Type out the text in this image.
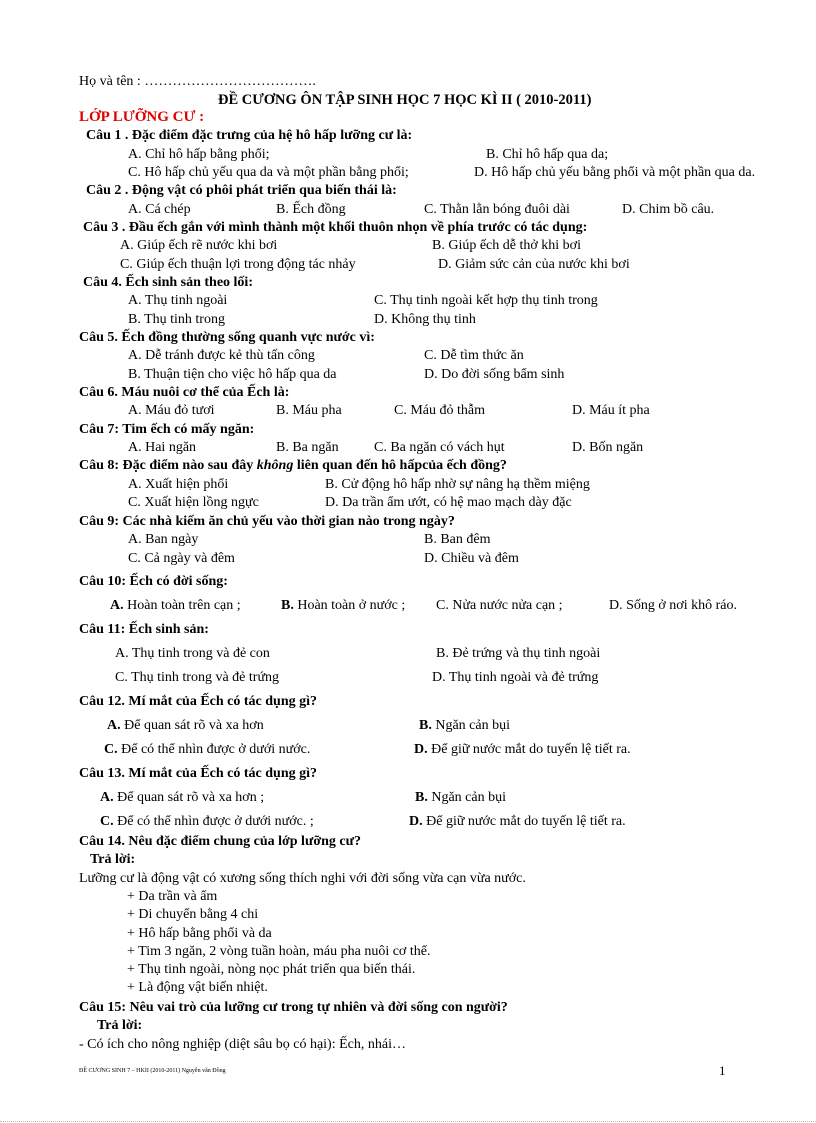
Họ và tên : ……………………………….
ĐỀ CƯƠNG ÔN TẬP SINH HỌC 7 HỌC KÌ II ( 2010-2011)
LỚP LƯỠNG CƯ :
Câu 1 . Đặc điểm đặc trưng của hệ hô hấp lưỡng cư là:
A. Chỉ hô hấp bằng phổi;	B. Chỉ hô hấp qua da;
C. Hô hấp chủ yếu qua da và một phần bằng phổi;	D. Hô hấp chủ yếu bằng phổi và một phần qua da.
Câu 2 . Động vật có phôi phát triển qua biến thái là:
A. Cá chép	B. Ếch đồng	C. Thằn lằn bóng đuôi dài	D. Chim bồ câu.
Câu 3 . Đầu ếch gắn với mình thành một khối thuôn nhọn về phía trước có tác dụng:
A. Giúp ếch rẽ nước khi bơi	B. Giúp ếch dễ thở khi bơi
C. Giúp ếch thuận lợi trong động tác nhảy	D. Giảm sức cản của nước khi bơi
Câu 4. Ếch sinh sản theo lối:
A. Thụ tinh ngoài	C. Thụ tinh ngoài kết hợp thụ tinh trong
B. Thụ tinh trong	D. Không thụ tinh
Câu 5. Ếch đồng thường sống quanh vực nước vì:
A. Dễ tránh được kẻ thù tấn công	C. Dễ tìm thức ăn
B. Thuận tiện cho việc hô hấp qua da	D. Do đời sống bẩm sinh
Câu 6. Máu nuôi cơ thể của Ếch là:
A. Máu đỏ tươi	B. Máu pha	C. Máu đỏ thẫm	D. Máu ít pha
Câu 7: Tim ếch có mấy ngăn:
A. Hai ngăn	B. Ba ngăn	C. Ba ngăn có vách hụt	D. Bốn ngăn
Câu 8: Đặc điểm nào sau đây không liên quan đến hô hấpcủa ếch đồng?
A. Xuất hiện phổi	B. Cử động hô hấp nhờ sự nâng hạ thềm miệng
C. Xuất hiện lồng ngực	D. Da trần ẩm ướt, có hệ mao mạch dày đặc
Câu 9: Các nhà kiếm ăn chủ yếu vào thời gian nào trong ngày?
A. Ban ngày	B. Ban đêm
C. Cả ngày và đêm	D. Chiều và đêm
Câu 10: Ếch có đời sống:
A. Hoàn toàn trên cạn ;	B. Hoàn toàn ở nước ; C. Nửa nước nửa cạn ;	D. Sống ở nơi khô ráo.
Câu 11: Ếch sinh sản:
A. Thụ tinh trong và đẻ con	B. Đẻ trứng và thụ tinh ngoài
C. Thụ tinh trong và đẻ trứng	D. Thụ tinh ngoài và đẻ trứng
Câu 12. Mí mắt của Ếch có tác dụng gì?
A. Để quan sát rõ và xa hơn	B. Ngăn cản bụi
C. Để có thể nhìn được ở dưới nước.	D. Để giữ nước mắt do tuyến lệ tiết ra.
Câu 13. Mí mắt của Ếch có tác dụng gì?
A. Để quan sát rõ và xa hơn ;	B. Ngăn cản bụi
C. Để có thể nhìn được ở dưới nước. ;	D. Để giữ nước mắt do tuyến lệ tiết ra.
Câu 14. Nêu đặc điểm chung của lớp lưỡng cư?
Trả lời:
Lưỡng cư là động vật có xương sống thích nghi với đời sống vừa cạn vừa nước.
+ Da trần và ẩm
+ Di chuyển bằng 4 chi
+ Hô hấp bằng phổi và da
+ Tim 3 ngăn, 2 vòng tuần hoàn, máu pha nuôi cơ thể.
+ Thụ tinh ngoài, nòng nọc phát triển qua biến thái.
+ Là động vật biến nhiệt.
Câu 15: Nêu vai trò của lưỡng cư trong tự nhiên và đời sống con người?
Trả lời:
- Có ích cho nông nghiệp (diệt sâu bọ có hại): Ếch, nhái…
ĐỀ CƯƠNG SINH 7 – HKII (2010-2011) Nguyễn văn Đồng	1
